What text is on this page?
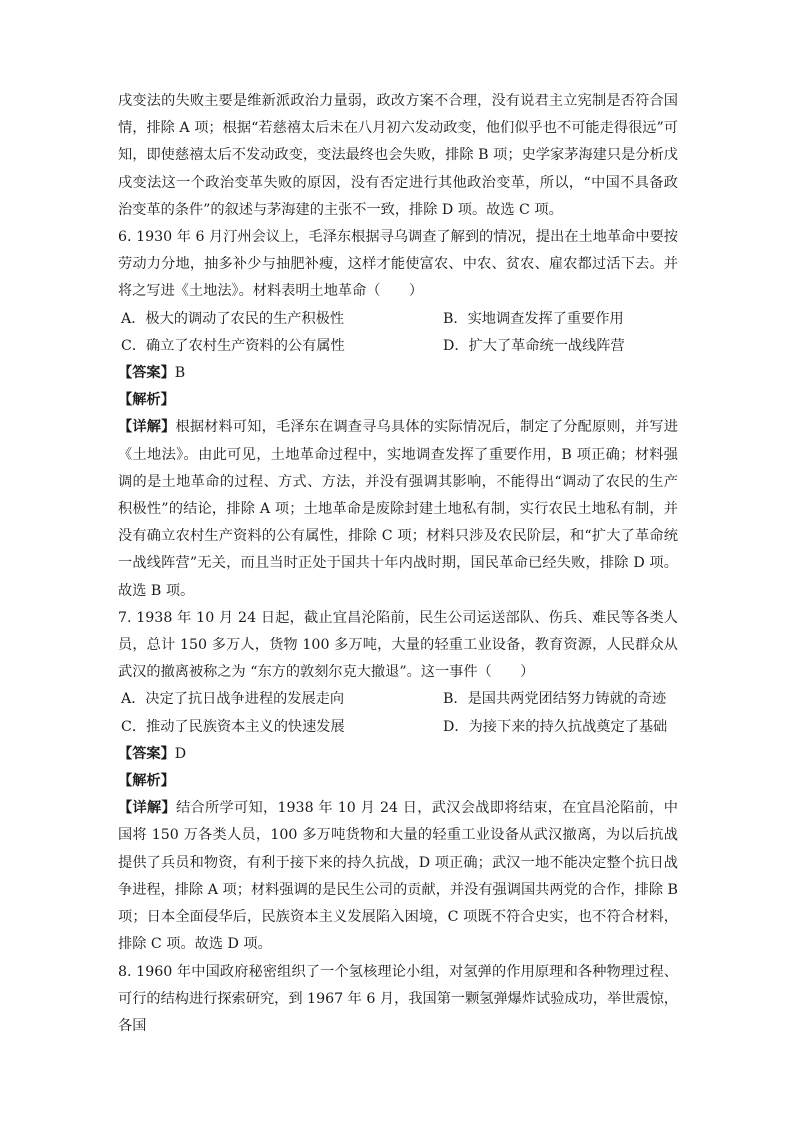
戌变法的失败主要是维新派政治力量弱，政改方案不合理，没有说君主立宪制是否符合国情，排除 A 项；根据“若慈禧太后未在八月初六发动政变，他们似乎也不可能走得很远”可知，即使慈禧太后不发动政变，变法最终也会失败，排除 B 项；史学家茅海建只是分析戊戌变法这一个政治变革失败的原因，没有否定进行其他政治变革，所以，“中国不具备政治变革的条件”的叙述与茅海建的主张不一致，排除 D 项。故选 C 项。

6. 1930 年 6 月汀州会议上，毛泽东根据寻乌调查了解到的情况，提出在土地革命中要按劳动力分地，抽多补少与抽肥补瘦，这样才能使富农、中农、贫农、雇农都过活下去。并将之写进《土地法》。材料表明土地革命（　　）

A．极大的调动了农民的生产积极性	B．实地调查发挥了重要作用
C．确立了农村生产资料的公有属性	D．扩大了革命统一战线阵营

【答案】B

【解析】

【详解】根据材料可知，毛泽东在调查寻乌具体的实际情况后，制定了分配原则，并写进《土地法》。由此可见，土地革命过程中，实地调查发挥了重要作用，B 项正确；材料强调的是土地革命的过程、方式、方法，并没有强调其影响，不能得出“调动了农民的生产积极性”的结论，排除 A 项；土地革命是废除封建土地私有制，实行农民土地私有制，并没有确立农村生产资料的公有属性，排除 C 项；材料只涉及农民阶层，和“扩大了革命统一战线阵营”无关，而且当时正处于国共十年内战时期，国民革命已经失败，排除 D 项。故选 B 项。

7. 1938 年 10 月 24 日起，截止宜昌沦陷前，民生公司运送部队、伤兵、难民等各类人员，总计 150 多万人，货物 100 多万吨，大量的轻重工业设备，教育资源，人民群众从武汉的撤离被称之为 “东方的敦刻尔克大撤退”。这一事件（　　）

A．决定了抗日战争进程的发展走向	B．是国共两党团结努力铸就的奇迹
C．推动了民族资本主义的快速发展	D．为接下来的持久抗战奠定了基础

【答案】D

【解析】

【详解】结合所学可知，1938 年 10 月 24 日，武汉会战即将结束，在宜昌沦陷前，中国将 150 万各类人员，100 多万吨货物和大量的轻重工业设备从武汉撤离，为以后抗战提供了兵员和物资，有利于接下来的持久抗战，D 项正确；武汉一地不能决定整个抗日战争进程，排除 A 项；材料强调的是民生公司的贡献，并没有强调国共两党的合作，排除 B 项；日本全面侵华后，民族资本主义发展陷入困境，C 项既不符合史实，也不符合材料，排除 C 项。故选 D 项。

8. 1960 年中国政府秘密组织了一个氢核理论小组，对氢弹的作用原理和各种物理过程、可行的结构进行探索研究，到 1967 年 6 月，我国第一颗氢弹爆炸试验成功，举世震惊，各国
